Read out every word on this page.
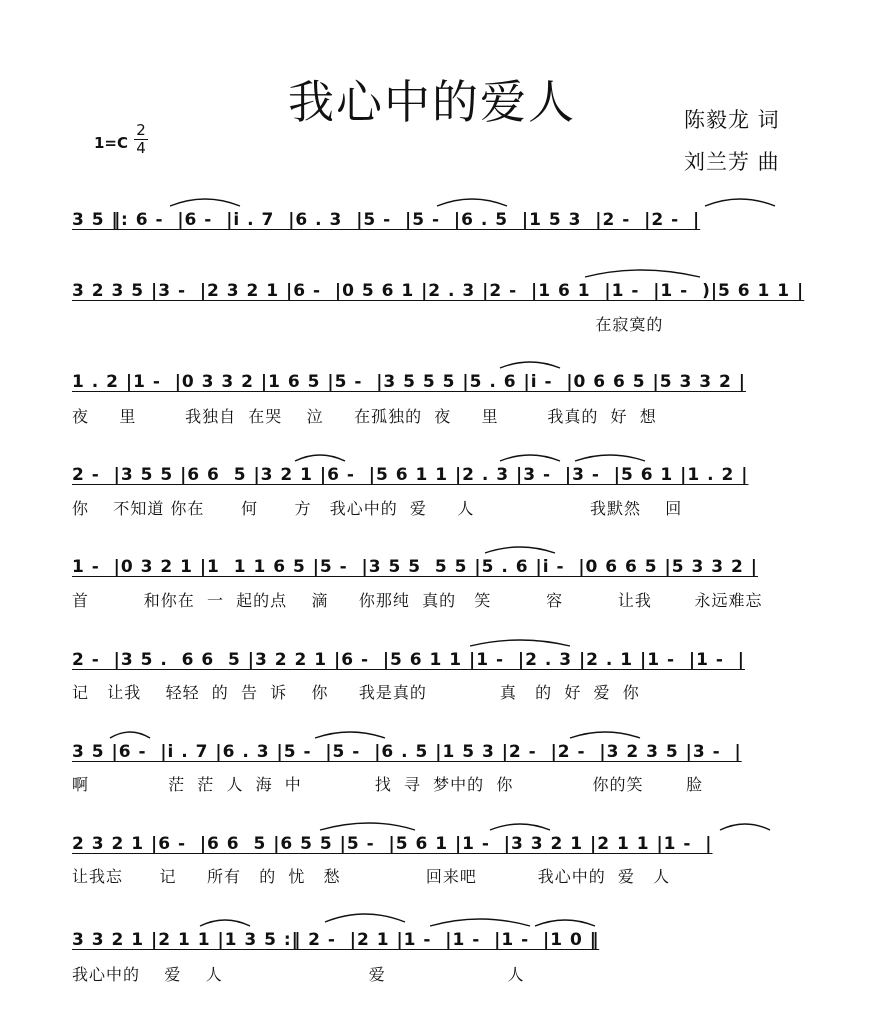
我心中的爱人	陈毅龙 词
刘兰芳 曲
1=C
2
4
3 5 ‖: 6 -  |6 -  |i . 7  |6 . 3  |5 -  |5 -  |6 . 5  |1 5 3  |2 -  |2 -  |
3 2 3 5 |3 -  |2 3 2 1 |6 -  |0 5 6 1 |2 . 3 |2 -  |1 6 1  |1 -  |1 -  )|5 6 1 1 |
在寂寞的
1 . 2 |1 -  |0 3 3 2 |1 6 5 |5 -  |3 5 5 5 |5 . 6 |i -  |0 6 6 5 |5 3 3 2 |
夜     里        我独自  在哭    泣     在孤独的  夜     里        我真的  好  想
2 -  |3 5 5 |6 6  5 |3 2 1 |6 -  |5 6 1 1 |2 . 3 |3 -  |3 -  |5 6 1 |1 . 2 |
你    不知道 你在      何      方   我心中的  爱     人                   我默然    回
1 -  |0 3 2 1 |1  1 1 6 5 |5 -  |3 5 5  5 5 |5 . 6 |i -  |0 6 6 5 |5 3 3 2 |
首         和你在  一  起的点    滴     你那纯  真的   笑         容         让我       永远难忘
2 -  |3 5 .  6 6  5 |3 2 2 1 |6 -  |5 6 1 1 |1 -  |2 . 3 |2 . 1 |1 -  |1 -  |
记   让我    轻轻  的  告  诉    你     我是真的            真   的  好  爱  你
3 5 |6 -  |i . 7 |6 . 3 |5 -  |5 -  |6 . 5 |1 5 3 |2 -  |2 -  |3 2 3 5 |3 -  |
啊             茫  茫  人  海  中            找  寻  梦中的  你             你的笑       脸
2 3 2 1 |6 -  |6 6  5 |6 5 5 |5 -  |5 6 1 |1 -  |3 3 2 1 |2 1 1 |1 -  |
让我忘      记     所有   的  忧   愁              回来吧          我心中的  爱   人
3 3 2 1 |2 1 1 |1 3 5 :‖ 2 -  |2 1 |1 -  |1 -  |1 -  |1 0 ‖
我心中的    爱    人                        爱                    人
